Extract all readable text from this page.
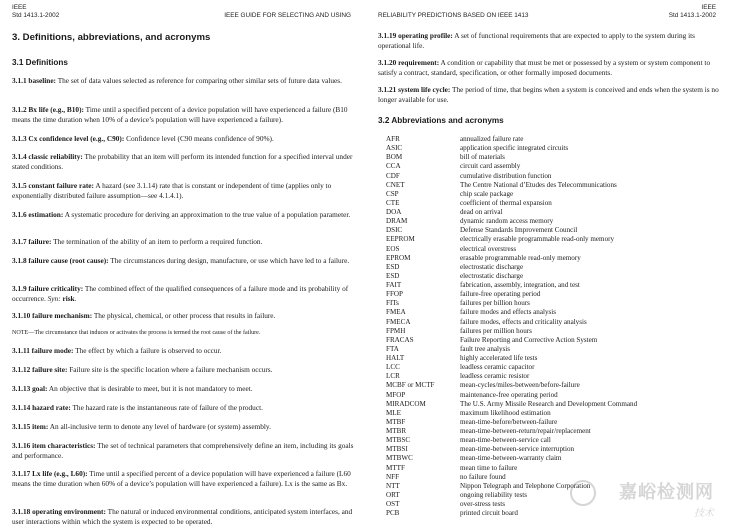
IEEE
Std 1413.1-2002	IEEE GUIDE FOR SELECTING AND USING
3. Definitions, abbreviations, and acronyms
3.1 Definitions
3.1.1 baseline: The set of data values selected as reference for comparing other similar sets of future data values.
3.1.2 Bx life (e.g., B10): Time until a specified percent of a device population will have experienced a failure (B10 means the time duration when 10% of a device’s population will have experienced a failure).
3.1.3 Cx confidence level (e.g., C90): Confidence level (C90 means confidence of 90%).
3.1.4 classic reliability: The probability that an item will perform its intended function for a specified interval under stated conditions.
3.1.5 constant failure rate: A hazard (see 3.1.14) rate that is constant or independent of time (applies only to exponentially distributed failure assumption—see 4.1.4.1).
3.1.6 estimation: A systematic procedure for deriving an approximation to the true value of a population parameter.
3.1.7 failure: The termination of the ability of an item to perform a required function.
3.1.8 failure cause (root cause): The circumstances during design, manufacture, or use which have led to a failure.
3.1.9 failure criticality: The combined effect of the qualified consequences of a failure mode and its probability of occurrence. Syn: risk.
3.1.10 failure mechanism: The physical, chemical, or other process that results in failure.
3.1.11 failure mode: The effect by which a failure is observed to occur.
3.1.12 failure site: Failure site is the specific location where a failure mechanism occurs.
3.1.13 goal: An objective that is desirable to meet, but it is not mandatory to meet.
3.1.14 hazard rate: The hazard rate is the instantaneous rate of failure of the product.
3.1.15 item: An all-inclusive term to denote any level of hardware (or system) assembly.
3.1.16 item characteristics: The set of technical parameters that comprehensively define an item, including its goals and performance.
3.1.17 Lx life (e.g., L60): Time until a specified percent of a device population will have experienced a failure (L60 means the time duration when 60% of a device’s population will have experienced a failure). Lx is the same as Bx.
3.1.18 operating environment: The natural or induced environmental conditions, anticipated system interfaces, and user interactions within which the system is expected to be operated.
NOTE—The circumstance that induces or activates the process is termed the root cause of the failure.
RELIABILITY PREDICTIONS BASED ON IEEE 1413
IEEE
Std 1413.1-2002
3.1.19 operating profile: A set of functional requirements that are expected to apply to the system during its operational life.
3.1.20 requirement: A condition or capability that must be met or possessed by a system or system component to satisfy a contract, standard, specification, or other formally imposed documents.
3.1.21 system life cycle: The period of time, that begins when a system is conceived and ends when the system is no longer available for use.
3.2 Abbreviations and acronyms
AFR	annualized failure rate
ASIC	application specific integrated circuits
BOM	bill of materials
CCA	circuit card assembly
CDF	cumulative distribution function
CNET	The Centre National d’Etudes des Telecommunications
CSP	chip scale package
CTE	coefficient of thermal expansion
DOA	dead on arrival
DRAM	dynamic random access memory
DSIC	Defense Standards Improvement Council
EEPROM	electrically erasable programmable read-only memory
EOS	electrical overstress
EPROM	erasable programmable read-only memory
ESD	electrostatic discharge
ESD	electrostatic discharge
FAIT	fabrication, assembly, integration, and test
FFOP	failure-free operating period
FITs	failures per billion hours
FMEA	failure modes and effects analysis
FMECA	failure modes, effects and criticality analysis
FPMH	failures per million hours
FRACAS	Failure Reporting and Corrective Action System
FTA	fault tree analysis
HALT	highly accelerated life tests
LCC	leadless ceramic capacitor
LCR	leadless ceramic resistor
MCBF or MCTF	mean-cycles/miles-between/before-failure
MFOP	maintenance-free operating period
MIRADCOM	The U.S. Army Missile Research and Development Command
MLE	maximum likelihood estimation
MTBF	mean-time-before/between-failure
MTBR	mean-time-between-return/repair/replacement
MTBSC	mean-time-between-service call
MTBSI	mean-time-between-service interruption
MTBWC	mean-time-between-warranty claim
MTTF	mean time to failure
NFF	no failure found
NTT	Nippon Telegraph and Telephone Corporation
ORT	ongoing reliability tests
OST	over-stress tests
PCB	printed circuit board
嘉峪检测网
技术
